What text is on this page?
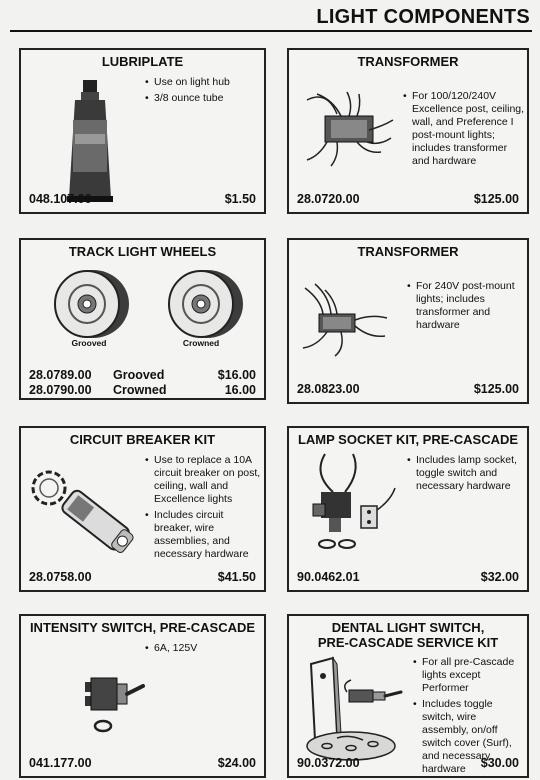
LIGHT COMPONENTS
LUBRIPLATE
• Use on light hub
• 3/8 ounce tube
048.107.00	$1.50
TRANSFORMER
• For 100/120/240V Excellence post, ceiling, wall, and Preference I post-mount lights; includes transformer and hardware
28.0720.00	$125.00
TRACK LIGHT WHEELS
Grooved	Crowned
28.0789.00 Grooved	$16.00
28.0790.00 Crowned	16.00
TRANSFORMER
• For 240V post-mount lights; includes transformer and hardware
28.0823.00	$125.00
CIRCUIT BREAKER KIT
• Use to replace a 10A circuit breaker on post, ceiling, wall and Excellence lights
• Includes circuit breaker, wire assemblies, and necessary hardware
28.0758.00	$41.50
LAMP SOCKET KIT, PRE-CASCADE
• Includes lamp socket, toggle switch and necessary hardware
90.0462.01	$32.00
INTENSITY SWITCH, PRE-CASCADE
• 6A, 125V
041.177.00	$24.00
DENTAL LIGHT SWITCH,
PRE-CASCADE SERVICE KIT
• For all pre-Cascade lights except Performer
• Includes toggle switch, wire assembly, on/off switch cover (Surf), and necessary hardware
90.0372.00	$30.00
